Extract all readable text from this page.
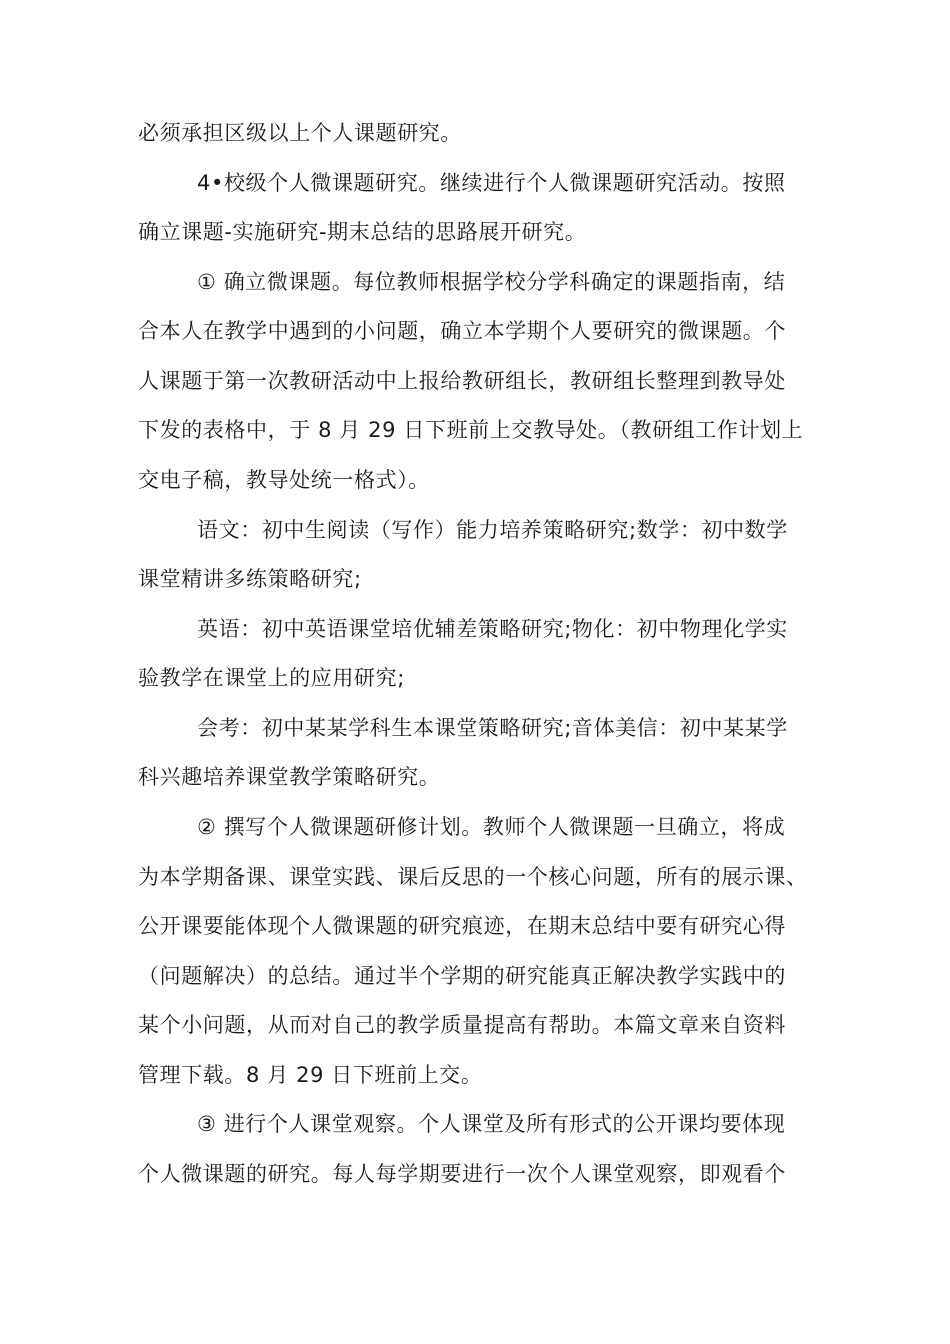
必须承担区级以上个人课题研究。
4•校级个人微课题研究。继续进行个人微课题研究活动。按照
确立课题-实施研究-期末总结的思路展开研究。
① 确立微课题。每位教师根据学校分学科确定的课题指南，结
合本人在教学中遇到的小问题，确立本学期个人要研究的微课题。个
人课题于第一次教研活动中上报给教研组长，教研组长整理到教导处
下发的表格中，于 8 月 29 日下班前上交教导处。（教研组工作计划上
交电子稿，教导处统一格式）。
语文：初中生阅读（写作）能力培养策略研究;数学：初中数学
课堂精讲多练策略研究;
英语：初中英语课堂培优辅差策略研究;物化：初中物理化学实
验教学在课堂上的应用研究;
会考：初中某某学科生本课堂策略研究;音体美信：初中某某学
科兴趣培养课堂教学策略研究。
② 撰写个人微课题研修计划。教师个人微课题一旦确立，将成
为本学期备课、课堂实践、课后反思的一个核心问题，所有的展示课、
公开课要能体现个人微课题的研究痕迹，在期末总结中要有研究心得
（问题解决）的总结。通过半个学期的研究能真正解决教学实践中的
某个小问题，从而对自己的教学质量提高有帮助。本篇文章来自资料
管理下载。8 月 29 日下班前上交。
③ 进行个人课堂观察。个人课堂及所有形式的公开课均要体现
个人微课题的研究。每人每学期要进行一次个人课堂观察，即观看个
